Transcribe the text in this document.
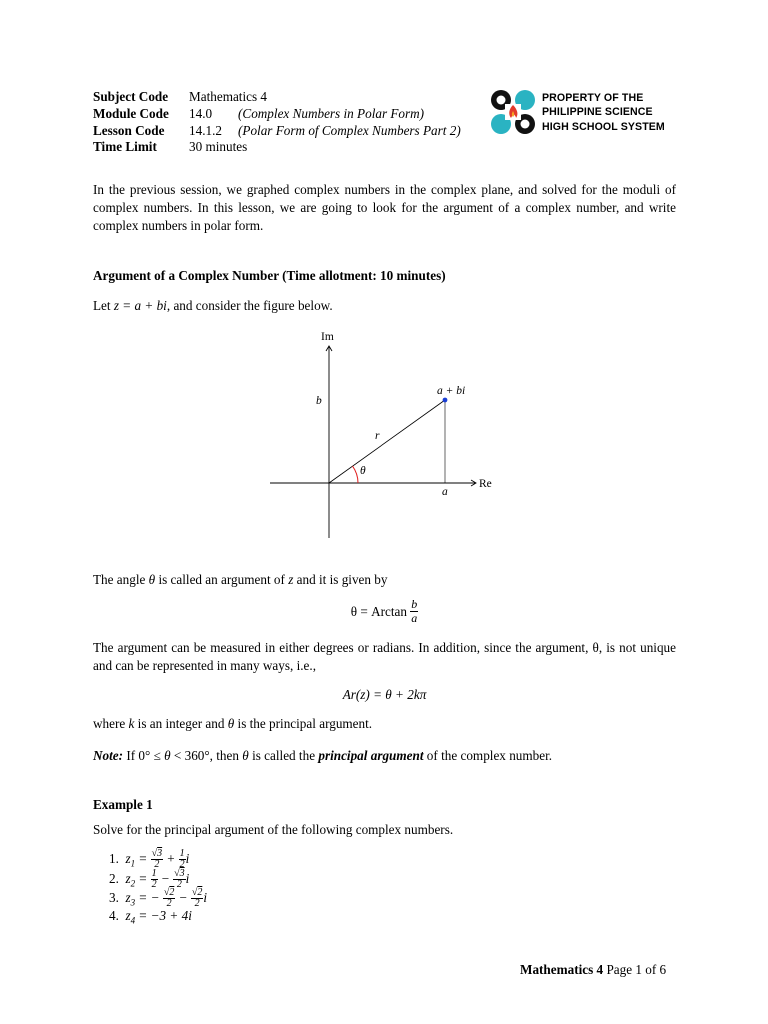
Subject Code Mathematics 4
Module Code 14.0 (Complex Numbers in Polar Form)
Lesson Code 14.1.2 (Polar Form of Complex Numbers Part 2)
Time Limit 30 minutes
PROPERTY OF THE
PHILIPPINE SCIENCE
HIGH SCHOOL SYSTEM
In the previous session, we graphed complex numbers in the complex plane, and solved for the moduli of complex numbers. In this lesson, we are going to look for the argument of a complex number, and write complex numbers in polar form.
Argument of a Complex Number (Time allotment: 10 minutes)
Let z = a + bi, and consider the figure below.
Im
Re
a + bi
b
a
r
θ
The angle θ is called an argument of z and it is given by
θ = Arctan $\frac{b}{a}$
The argument can be measured in either degrees or radians. In addition, since the argument, θ, is not unique and can be represented in many ways, i.e.,
Ar(z) = θ + 2kπ
where k is an integer and θ is the principal argument.
Note: If 0° ≤ θ < 360°, then θ is called the principal argument of the complex number.
Example 1
Solve for the principal argument of the following complex numbers.
1. $z_1 = \frac{√3}{2} + \frac{1}{2}$ i
2. $z_2 = \frac{1}{2} - \frac{√3}{2}$ i
3. $z_3$ = − $\frac{√2}{2} - \frac{√2}{2}$ i
4. $z_4 = -3 + 4i$
Mathematics 4 Page 1 of 6
